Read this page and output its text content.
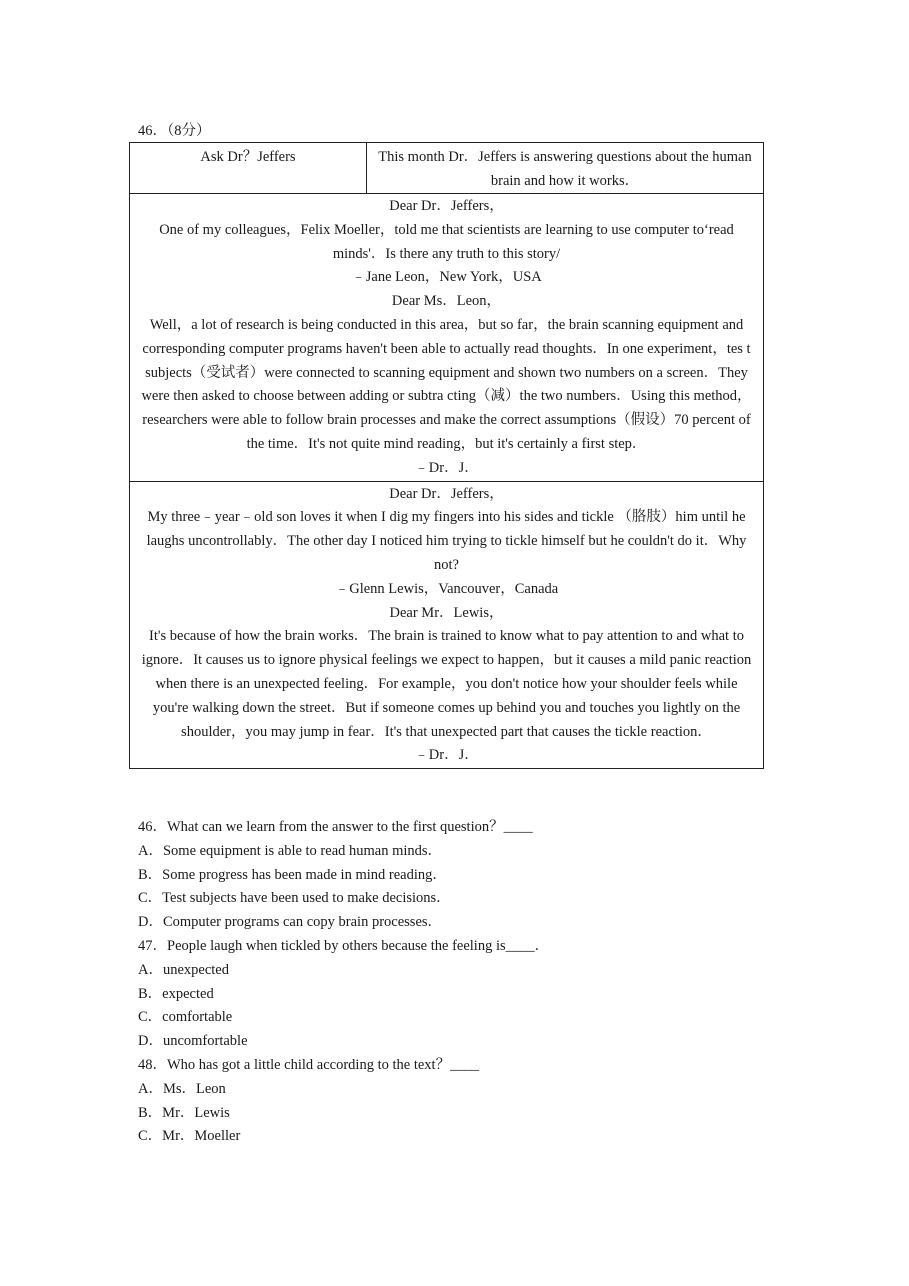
46．（8分）
Ask Dr？Jeffers	This month Dr．Jeffers is answering questions about the human brain and how it works．

Dear Dr．Jeffers，

One of my colleagues，Felix Moeller，told me that scientists are learning to use computer to‘read minds'．Is there any truth to this story/

﹣Jane Leon，New York，USA

Dear Ms．Leon，

Well，a lot of research is being conducted in this area，but so far，the brain scanning equipment and corresponding computer programs haven't been able to actually read thoughts．In one experiment，tes t subjects（受试者）were connected to scanning equipment and shown two numbers on a screen．They were then asked to choose between adding or subtra cting（减）the two numbers．Using this method，researchers were able to follow brain processes and make the correct assumptions（假设）70 percent of the time．It's not quite mind reading，but it's certainly a first step．

﹣Dr．J．

Dear Dr．Jeffers，

My three﹣year﹣old son loves it when I dig my fingers into his sides and tickle （胳肢）him until he laughs uncontrollably．The other day I noticed him trying to tickle himself but he couldn't do it．Why not?

﹣Glenn Lewis，Vancouver，Canada

Dear Mr．Lewis，

It's because of how the brain works．The brain is trained to know what to pay attention to and what to ignore．It causes us to ignore physical feelings we expect to happen，but it causes a mild panic reaction when there is an unexpected feeling．For example，you don't notice how your shoulder feels while you're walking down the street．But if someone comes up behind you and touches you lightly on the shoulder，you may jump in fear．It's that unexpected part that causes the tickle reaction．

﹣Dr．J．

46．What can we learn from the answer to the first question？____

A．Some equipment is able to read human minds．

B．Some progress has been made in mind reading．

C．Test subjects have been used to make decisions．

D．Computer programs can copy brain processes．

47．People laugh when tickled by others because the feeling is____．

A．unexpected

B．expected

C．comfortable

D．uncomfortable

48．Who has got a little child according to the text？____

A．Ms．Leon

B．Mr．Lewis

C．Mr．Moeller
